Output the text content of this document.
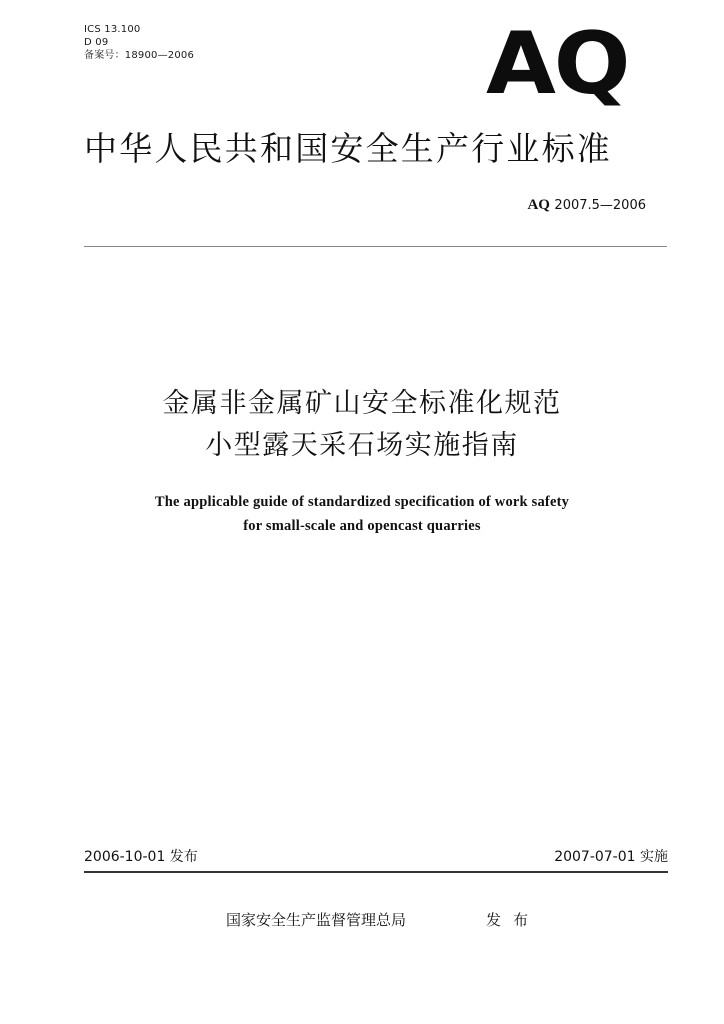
ICS 13.100
D 09
备案号：18900—2006	AQ
中华人民共和国安全生产行业标准
AQ 2007.5—2006
金属非金属矿山安全标准化规范
小型露天采石场实施指南
The applicable guide of standardized specification of work safety
for small-scale and opencast quarries
2006-10-01 发布	2007-07-01 实施
国家安全生产监督管理总局	发布
